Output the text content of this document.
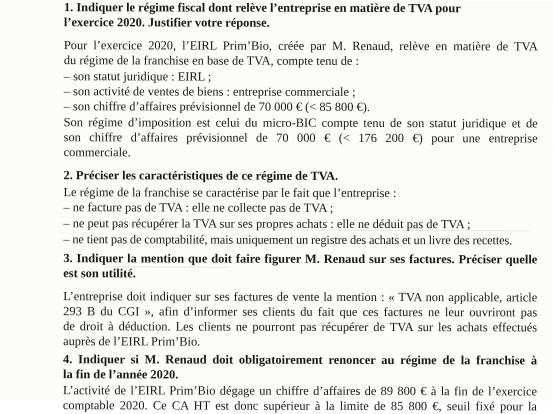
1. Indiquer le régime fiscal dont relève l’entreprise en matière de TVA pour
l’exercice 2020. Justifier votre réponse.
Pour l’exercice 2020, l’EIRL Prim’Bio, créée par M. Renaud, relève en matière de TVA
du régime de la franchise en base de TVA, compte tenu de :
– son statut juridique : EIRL ;
– son activité de ventes de biens : entreprise commerciale ;
– son chiffre d’affaires prévisionnel de 70 000 € (< 85 800 €).
Son régime d’imposition est celui du micro-BIC compte tenu de son statut juridique et de
son chiffre d’affaires prévisionnel de 70 000 € (< 176 200 €) pour une entreprise
commerciale.
2. Préciser les caractéristiques de ce régime de TVA.
Le régime de la franchise se caractérise par le fait que l’entreprise :
– ne facture pas de TVA : elle ne collecte pas de TVA ;
– ne peut pas récupérer la TVA sur ses propres achats : elle ne déduit pas de TVA ;
– ne tient pas de comptabilité, mais uniquement un registre des achats et un livre des recettes.
3. Indiquer la mention que doit faire figurer M. Renaud sur ses factures. Préciser quelle
est son utilité.
L’entreprise doit indiquer sur ses factures de vente la mention : « TVA non applicable, article
293 B du CGI », afin d’informer ses clients du fait que ces factures ne leur ouvriront pas
de droit à déduction. Les clients ne pourront pas récupérer de TVA sur les achats effectués
auprès de l’EIRL Prim’Bio.
4. Indiquer si M. Renaud doit obligatoirement renoncer au régime de la franchise à
la fin de l’année 2020.
L’activité de l’EIRL Prim’Bio dégage un chiffre d’affaires de 89 800 € à la fin de l’exercice
comptable 2020. Ce CA HT est donc supérieur à la limite de 85 800 €, seuil fixé pour la
